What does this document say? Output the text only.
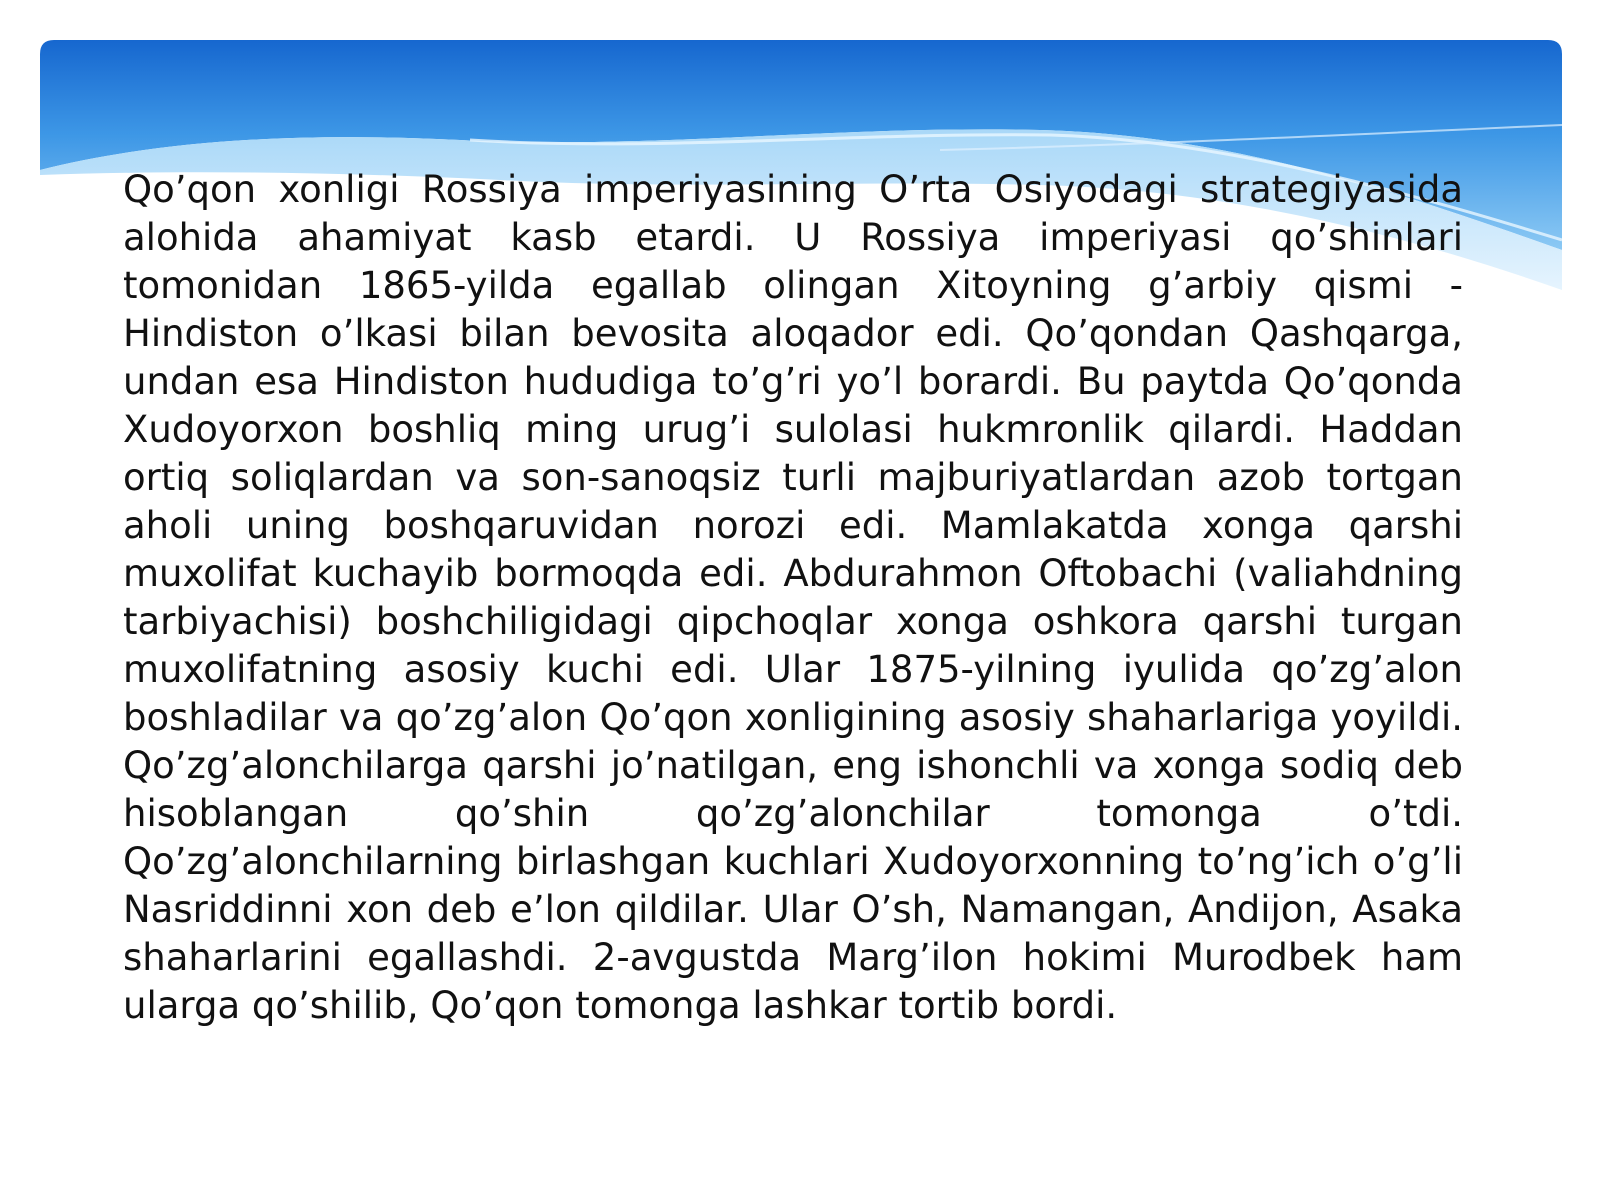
Qo’qon xonligi Rossiya imperiyasining O’rta Osiyodagi strategiyasida alohida ahamiyat kasb etardi. U Rossiya imperiyasi qo’shinlari tomonidan 1865-yilda egallab olingan Xitoyning g’arbiy qismi - Hindiston o’lkasi bilan bevosita aloqador edi. Qo’qondan Qashqarga, undan esa Hindiston hududiga to’g’ri yo’l borardi. Bu paytda Qo’qonda Xudoyorxon boshliq ming urug’i sulolasi hukmronlik qilardi. Haddan ortiq soliqlardan va son-sanoqsiz turli majburiyatlardan azob tortgan aholi uning boshqaruvidan norozi edi. Mamlakatda xonga qarshi muxolifat kuchayib bormoqda edi. Abdurahmon Oftobachi (valiahdning tarbiyachisi) boshchiligidagi qipchoqlar xonga oshkora qarshi turgan muxolifatning asosiy kuchi edi. Ular 1875-yilning iyulida qo’zg’alon boshladilar va qo’zg’alon Qo’qon xonligining asosiy shaharlariga yoyildi. Qo’zg’alonchilarga qarshi jo’natilgan, eng ishonchli va xonga sodiq deb hisoblangan qo’shin qo’zg’alonchilar tomonga o’tdi. Qo’zg’alonchilarning birlashgan kuchlari Xudoyorxonning to’ng’ich o’g’li Nasriddinni xon deb e’lon qildilar. Ular O’sh, Namangan, Andijon, Asaka shaharlarini egallashdi. 2-avgustda Marg’ilon hokimi Murodbek ham ularga qo’shilib, Qo’qon tomonga lashkar tortib bordi.
